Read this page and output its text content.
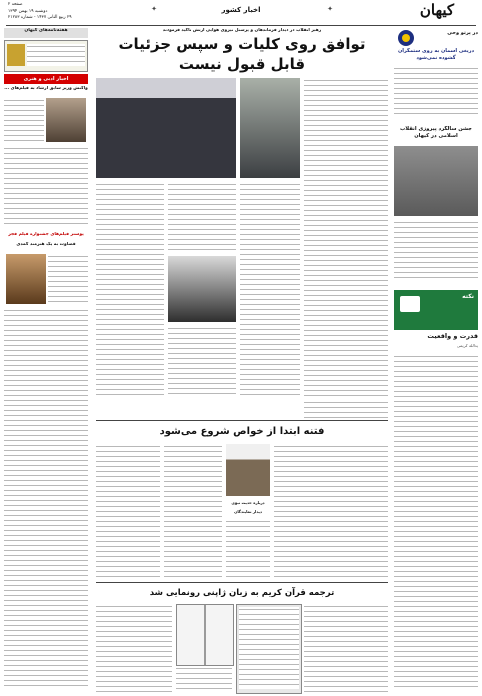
صفحه ۲
دوشنبه ۱۹ بهمن ۱۳۹۴
۲۹ ربیع الثانی ۱۴۳۷ - شماره ۲۱۲۸۳
اخبار کشور
✦	✦	کیهان
در پرتو وحی
دریغی آسمان به روی ستمگران گشوده نمی‌شود
جشن سالگرد پیروزی انقلاب اسلامی در کیهان
نکته
قدرت و واقعیت
یدالله کریمی
هفته‌نامه‌های کیهان
اخبار ادبی و هنری
واکنش وزیر سابق ارشاد به فیلم‌های ...
پوستر فیلم‌های جشنواره فیلم فجر
قضاوت به یک هنرمند کمدی
رهبر انقلاب در دیدار فرماندهان و پرسنل نیروی هوایی ارتش تأکید فرمودند
توافق روی کلیات و سپس جزئیات
قابل قبول نیست
فتنه ابتدا از خواص شروع می‌شود
درباره حدیث نبوی
دیدار نمایندگان
ترجمه قرآن کریم به زبان ژاپنی رونمایی شد
